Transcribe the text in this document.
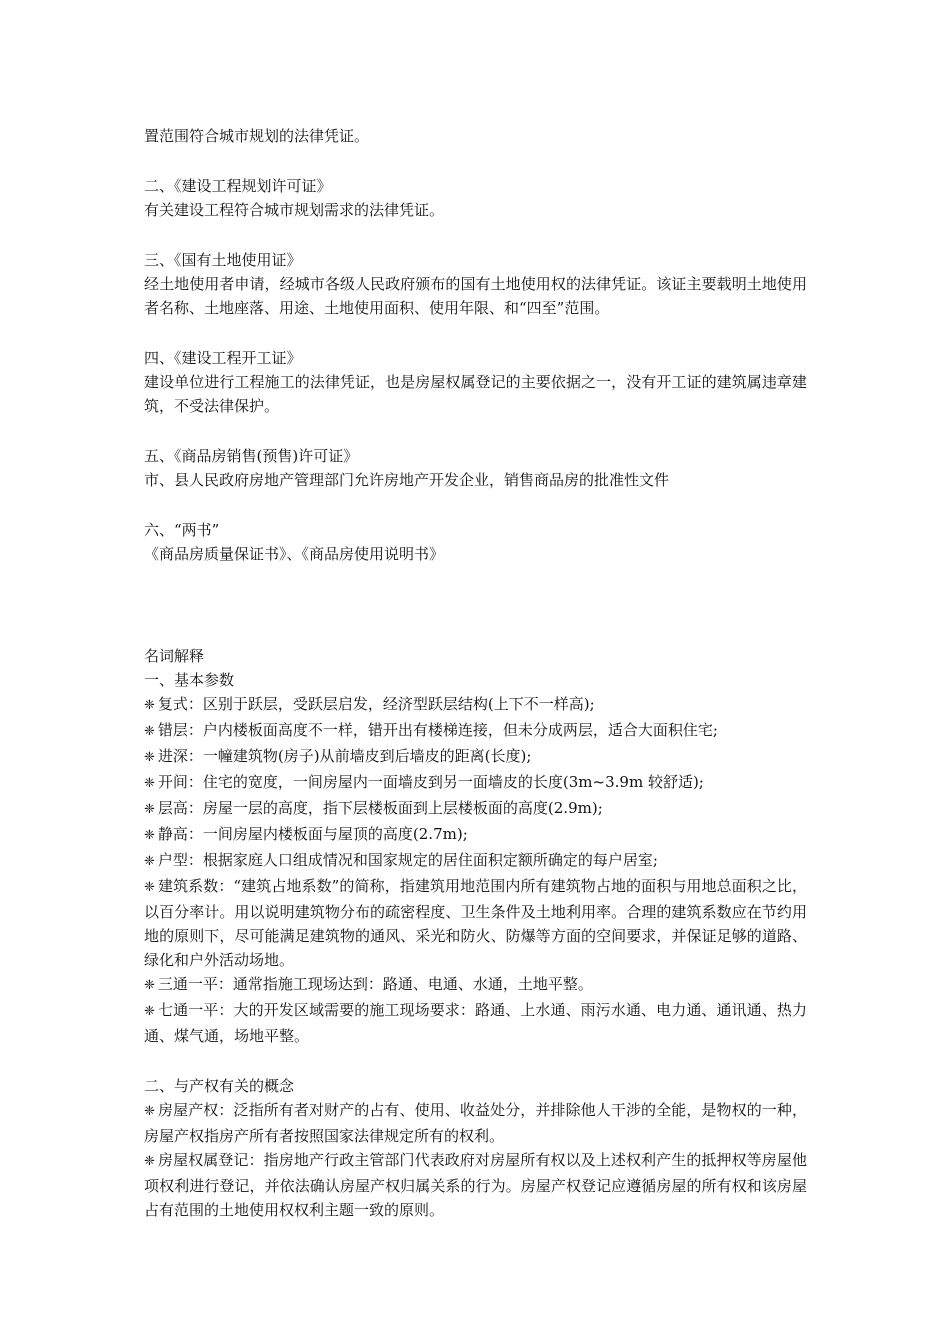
置范围符合城市规划的法律凭证。
二、《建设工程规划许可证》
有关建设工程符合城市规划需求的法律凭证。
三、《国有土地使用证》
经土地使用者申请，经城市各级人民政府颁布的国有土地使用权的法律凭证。该证主要载明土地使用者名称、土地座落、用途、土地使用面积、使用年限、和“四至”范围。
四、《建设工程开工证》
建设单位进行工程施工的法律凭证，也是房屋权属登记的主要依据之一，没有开工证的建筑属违章建筑，不受法律保护。
五、《商品房销售(预售)许可证》
市、县人民政府房地产管理部门允许房地产开发企业，销售商品房的批准性文件
六、“两书”
《商品房质量保证书》、《商品房使用说明书》
名词解释
一、基本参数
❈ 复式：区别于跃层，受跃层启发，经济型跃层结构(上下不一样高);
❈ 错层：户内楼板面高度不一样，错开出有楼梯连接，但未分成两层，适合大面积住宅;
❈ 进深：一幢建筑物(房子)从前墙皮到后墙皮的距离(长度);
❈ 开间：住宅的宽度，一间房屋内一面墙皮到另一面墙皮的长度(3m~3.9m 较舒适);
❈ 层高：房屋一层的高度，指下层楼板面到上层楼板面的高度(2.9m);
❈ 静高：一间房屋内楼板面与屋顶的高度(2.7m);
❈ 户型：根据家庭人口组成情况和国家规定的居住面积定额所确定的每户居室;
❈ 建筑系数：“建筑占地系数”的简称，指建筑用地范围内所有建筑物占地的面积与用地总面积之比，以百分率计。用以说明建筑物分布的疏密程度、卫生条件及土地利用率。合理的建筑系数应在节约用地的原则下，尽可能满足建筑物的通风、采光和防火、防爆等方面的空间要求，并保证足够的道路、绿化和户外活动场地。
❈ 三通一平：通常指施工现场达到：路通、电通、水通，土地平整。
❈ 七通一平：大的开发区域需要的施工现场要求：路通、上水通、雨污水通、电力通、通讯通、热力通、煤气通，场地平整。
二、与产权有关的概念
❈ 房屋产权：泛指所有者对财产的占有、使用、收益处分，并排除他人干涉的全能，是物权的一种，房屋产权指房产所有者按照国家法律规定所有的权利。
❈ 房屋权属登记：指房地产行政主管部门代表政府对房屋所有权以及上述权利产生的抵押权等房屋他项权利进行登记，并依法确认房屋产权归属关系的行为。房屋产权登记应遵循房屋的所有权和该房屋占有范围的土地使用权权利主题一致的原则。
